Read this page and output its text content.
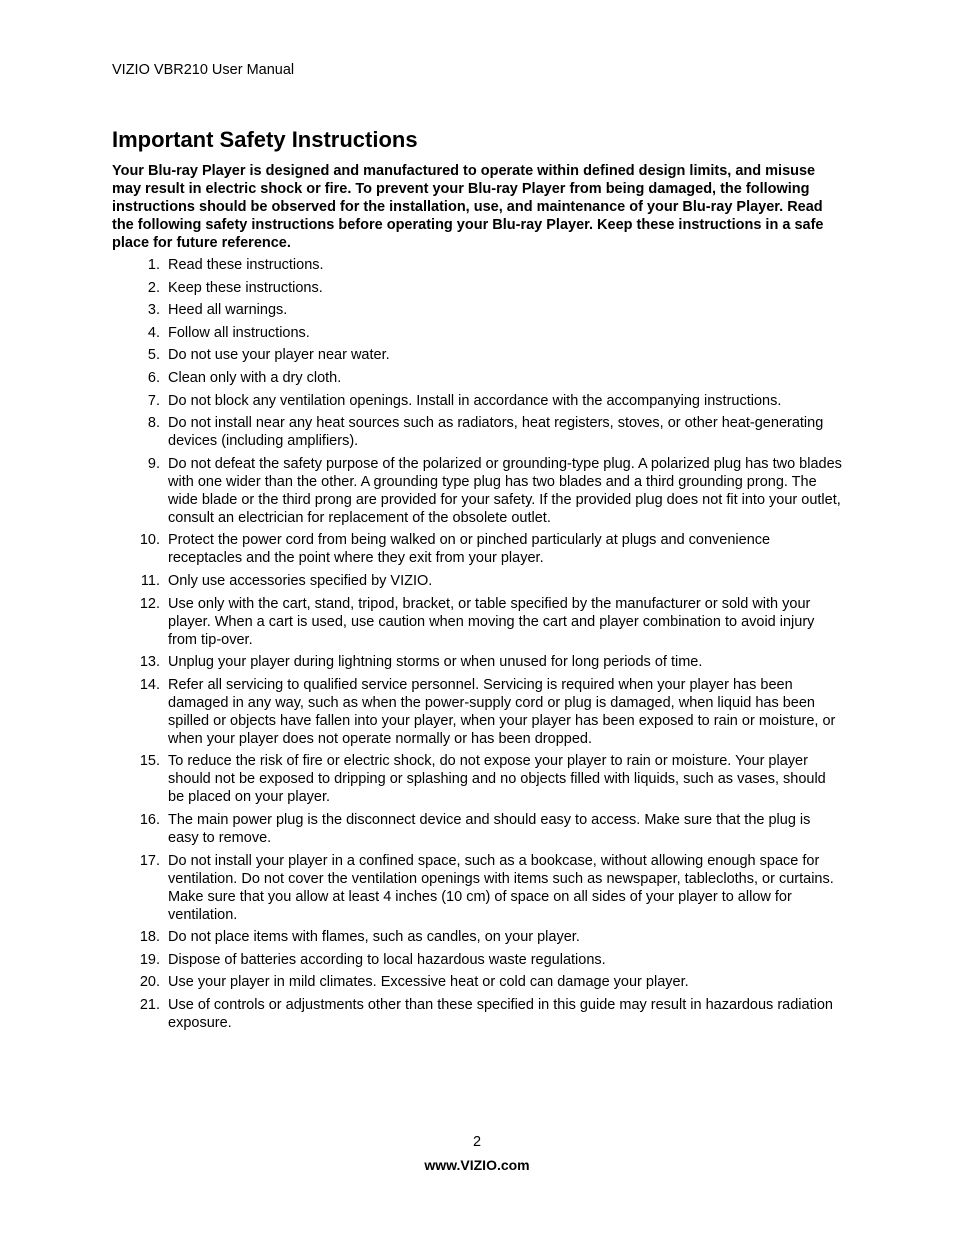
VIZIO VBR210 User Manual
Important Safety Instructions

Your Blu-ray Player is designed and manufactured to operate within defined design limits, and misuse may result in electric shock or fire. To prevent your Blu-ray Player from being damaged, the following instructions should be observed for the installation, use, and maintenance of your Blu-ray Player. Read the following safety instructions before operating your Blu-ray Player. Keep these instructions in a safe place for future reference.

1. Read these instructions.
2. Keep these instructions.
3. Heed all warnings.
4. Follow all instructions.
5. Do not use your player near water.
6. Clean only with a dry cloth.
7. Do not block any ventilation openings. Install in accordance with the accompanying instructions.
8. Do not install near any heat sources such as radiators, heat registers, stoves, or other heat-generating devices (including amplifiers).
9. Do not defeat the safety purpose of the polarized or grounding-type plug. A polarized plug has two blades with one wider than the other. A grounding type plug has two blades and a third grounding prong. The wide blade or the third prong are provided for your safety. If the provided plug does not fit into your outlet, consult an electrician for replacement of the obsolete outlet.
10. Protect the power cord from being walked on or pinched particularly at plugs and convenience receptacles and the point where they exit from your player.
11. Only use accessories specified by VIZIO.
12. Use only with the cart, stand, tripod, bracket, or table specified by the manufacturer or sold with your player. When a cart is used, use caution when moving the cart and player combination to avoid injury from tip-over.
13. Unplug your player during lightning storms or when unused for long periods of time.
14. Refer all servicing to qualified service personnel. Servicing is required when your player has been damaged in any way, such as when the power-supply cord or plug is damaged, when liquid has been spilled or objects have fallen into your player, when your player has been exposed to rain or moisture, or when your player does not operate normally or has been dropped.
15. To reduce the risk of fire or electric shock, do not expose your player to rain or moisture. Your player should not be exposed to dripping or splashing and no objects filled with liquids, such as vases, should be placed on your player.
16. The main power plug is the disconnect device and should easy to access. Make sure that the plug is easy to remove.
17. Do not install your player in a confined space, such as a bookcase, without allowing enough space for ventilation. Do not cover the ventilation openings with items such as newspaper, tablecloths, or curtains. Make sure that you allow at least 4 inches (10 cm) of space on all sides of your player to allow for ventilation.
18. Do not place items with flames, such as candles, on your player.
19. Dispose of batteries according to local hazardous waste regulations.
20. Use your player in mild climates. Excessive heat or cold can damage your player.
21. Use of controls or adjustments other than these specified in this guide may result in hazardous radiation exposure.
2
www.VIZIO.com
